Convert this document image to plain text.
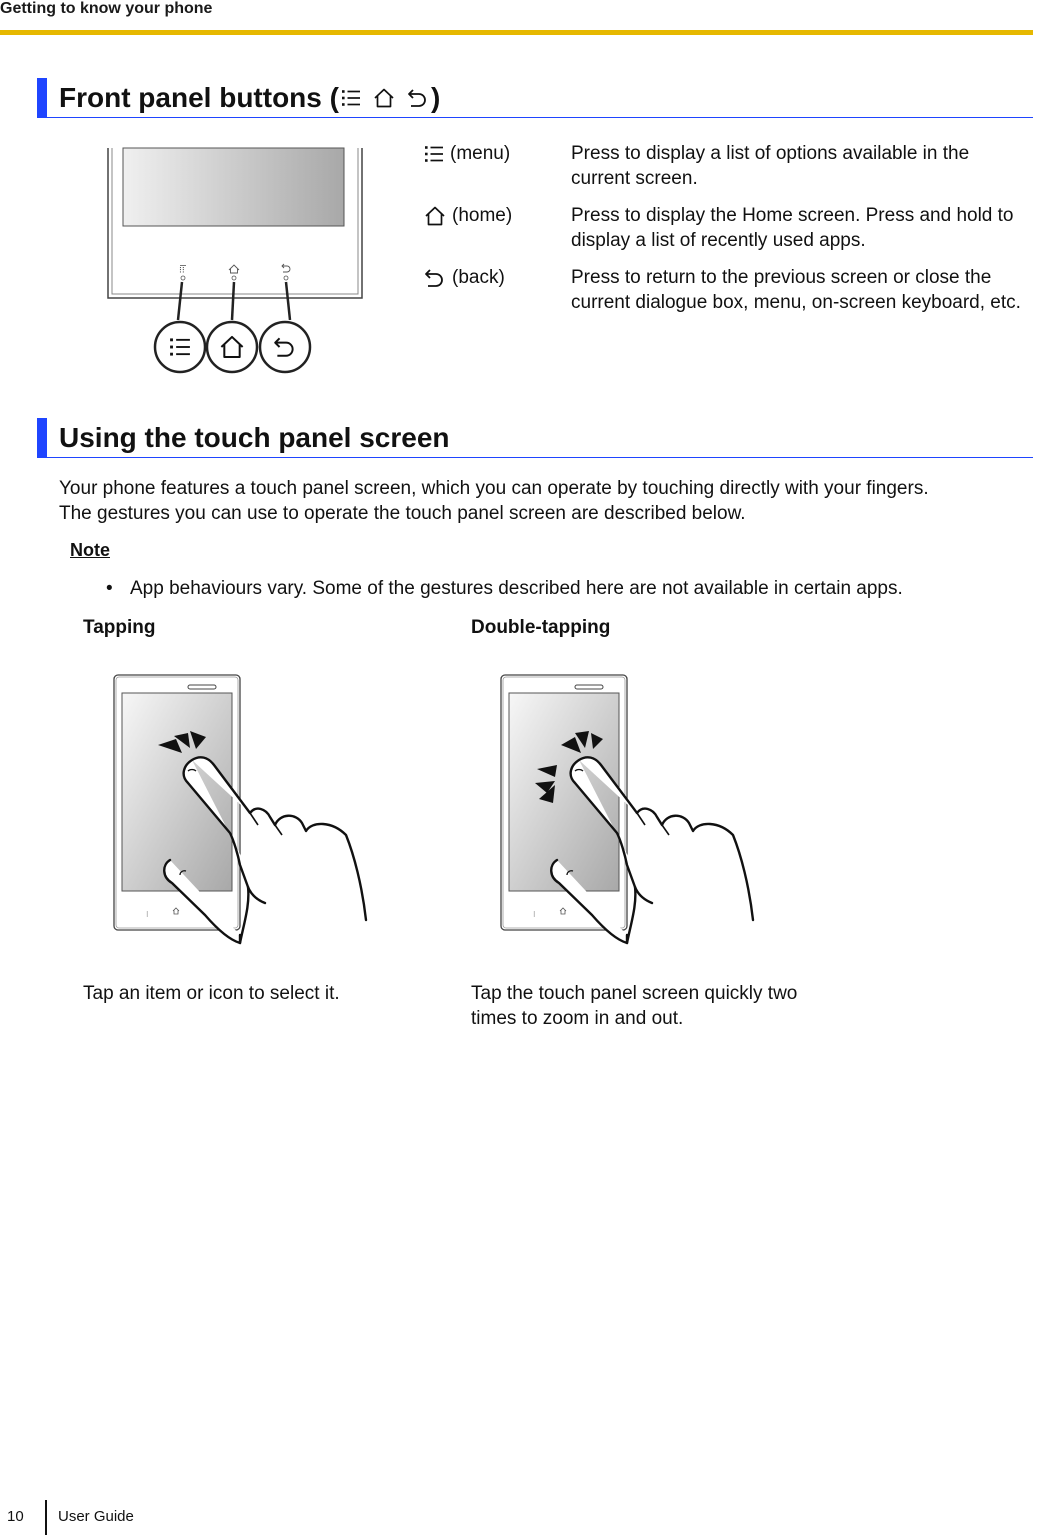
Getting to know your phone
Front panel buttons (	)
⁝⁝
(menu)	Press to display a list of options available in the
current screen.
(home)	Press to display the Home screen. Press and hold to
display a list of recently used apps.
(back)	Press to return to the previous screen or close the
current dialogue box, menu, on-screen keyboard, etc.
Using the touch panel screen
Your phone features a touch panel screen, which you can operate by touching directly with your fingers.
The gestures you can use to operate the touch panel screen are described below.
Note
• App behaviours vary. Some of the gestures described here are not available in certain apps.
Tapping	Double-tapping
⁝	⁝
Tap an item or icon to select it.	Tap the touch panel screen quickly two
times to zoom in and out.
10 User Guide
